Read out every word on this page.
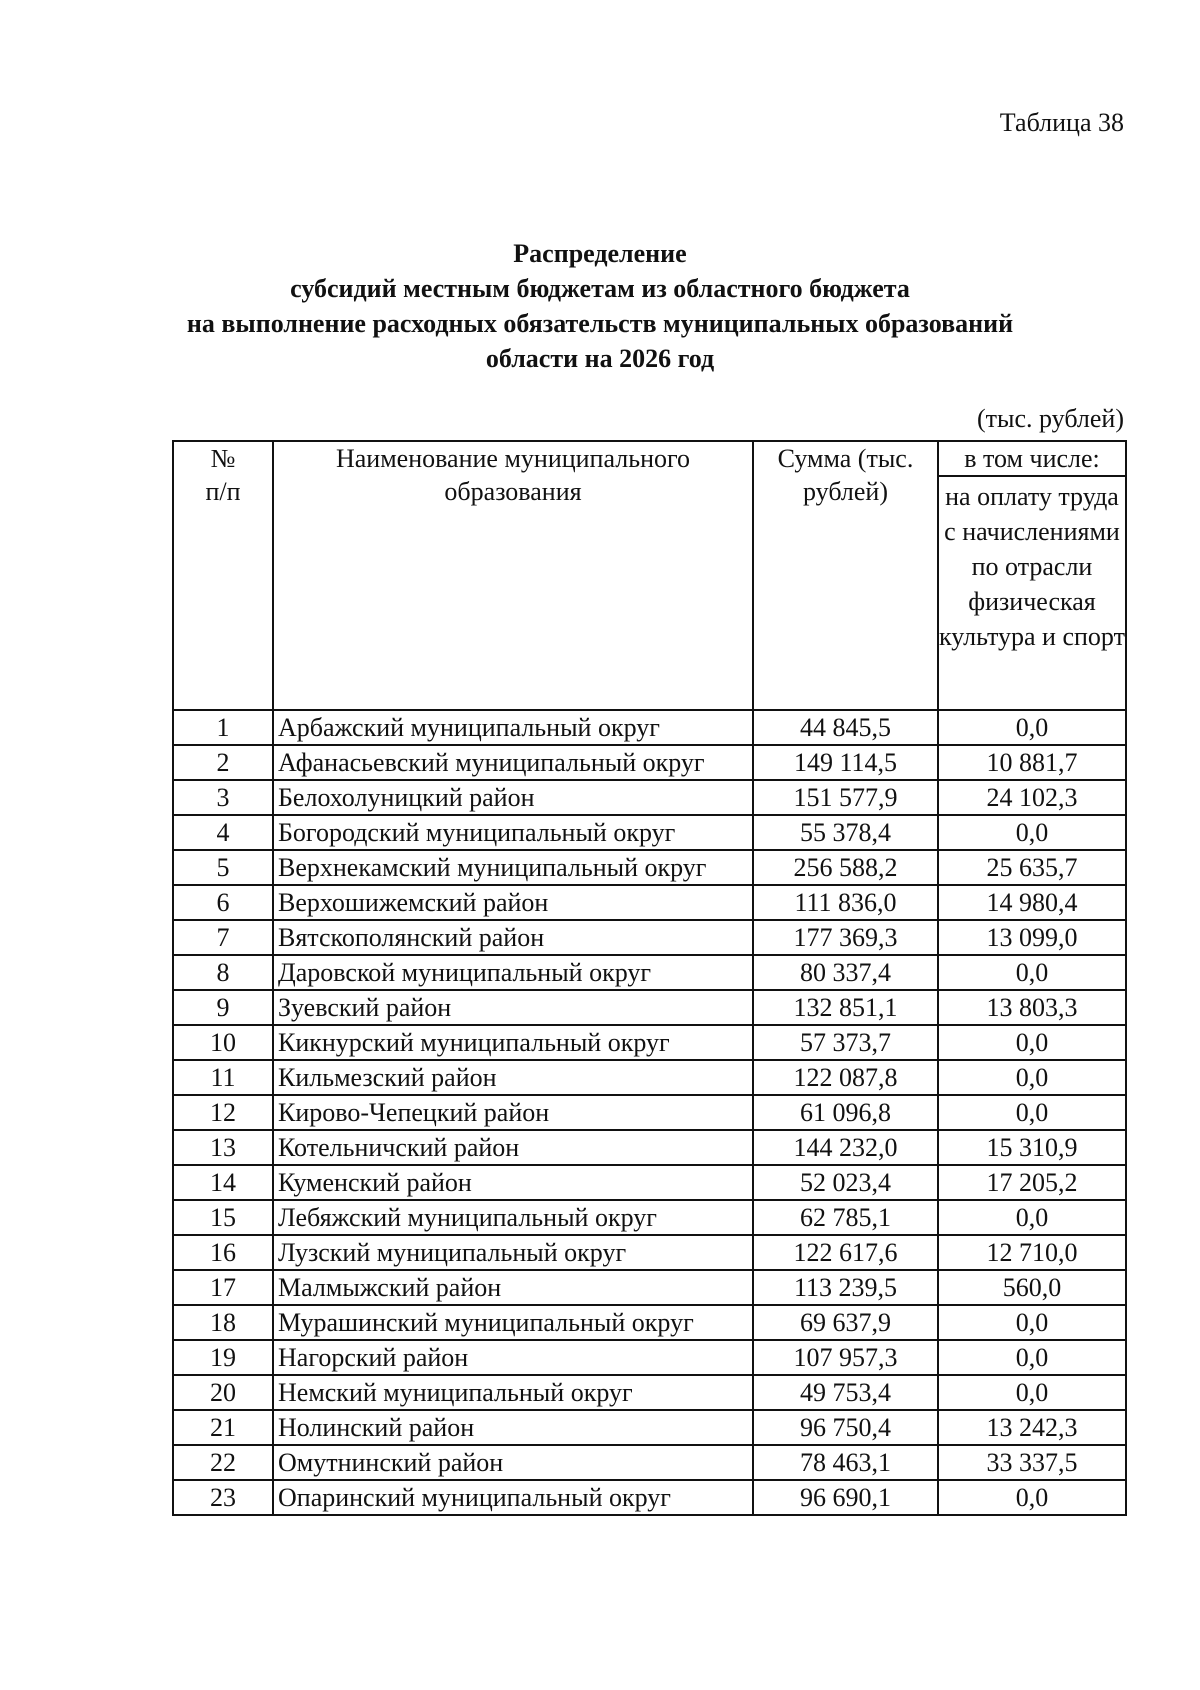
Таблица 38
Распределение
субсидий местным бюджетам из областного бюджета
на выполнение расходных обязательств муниципальных образований
области на 2026 год
(тыс. рублей)
№ п/п	Наименование муниципального образования	Сумма (тыс. рублей)	в том числе:
			на оплату труда с начислениями по отрасли физическая культура и спорт
1	Арбажский муниципальный округ	44 845,5	0,0
2	Афанасьевский муниципальный округ	149 114,5	10 881,7
3	Белохолуницкий район	151 577,9	24 102,3
4	Богородский муниципальный округ	55 378,4	0,0
5	Верхнекамский муниципальный округ	256 588,2	25 635,7
6	Верхошижемский район	111 836,0	14 980,4
7	Вятскополянский район	177 369,3	13 099,0
8	Даровской муниципальный округ	80 337,4	0,0
9	Зуевский район	132 851,1	13 803,3
10	Кикнурский муниципальный округ	57 373,7	0,0
11	Кильмезский район	122 087,8	0,0
12	Кирово-Чепецкий район	61 096,8	0,0
13	Котельничский район	144 232,0	15 310,9
14	Куменский район	52 023,4	17 205,2
15	Лебяжский муниципальный округ	62 785,1	0,0
16	Лузский муниципальный округ	122 617,6	12 710,0
17	Малмыжский район	113 239,5	560,0
18	Мурашинский муниципальный округ	69 637,9	0,0
19	Нагорский район	107 957,3	0,0
20	Немский муниципальный округ	49 753,4	0,0
21	Нолинский район	96 750,4	13 242,3
22	Омутнинский район	78 463,1	33 337,5
23	Опаринский муниципальный округ	96 690,1	0,0
